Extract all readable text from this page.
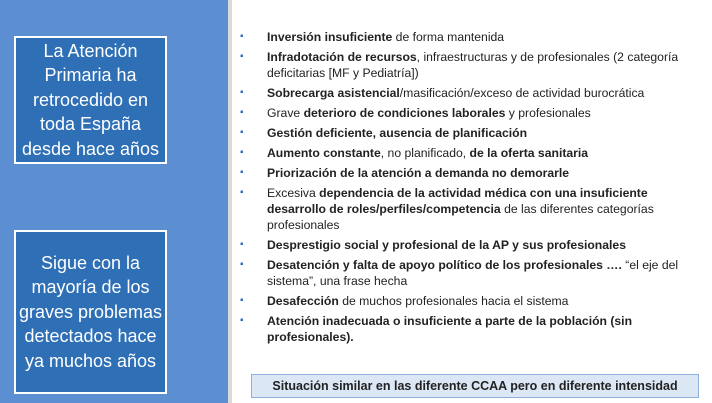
La Atención Primaria ha retrocedido en toda España desde hace años
Sigue con la mayoría de los graves problemas detectados hace ya muchos años
▪ Inversión insuficiente de forma mantenida
▪ Infradotación de recursos, infraestructuras y de profesionales (2 categoría deficitarias [MF y Pediatría])
▪ Sobrecarga asistencial/masificación/exceso de actividad burocrática
▪ Grave deterioro de condiciones laborales y profesionales
▪ Gestión deficiente, ausencia de planificación
▪ Aumento constante, no planificado, de la oferta sanitaria
▪ Priorización de la atención a demanda no demorarle
▪ Excesiva dependencia de la actividad médica con una insuficiente desarrollo de roles/perfiles/competencia de las diferentes categorías profesionales
▪ Desprestigio social y profesional de la AP y sus profesionales
▪ Desatención y falta de apoyo político de los profesionales …. “el eje del sistema”, una frase hecha
▪ Desafección de muchos profesionales hacia el sistema
▪ Atención inadecuada o insuficiente a parte de la población (sin profesionales).
Situación similar en las diferente CCAA pero en diferente intensidad
